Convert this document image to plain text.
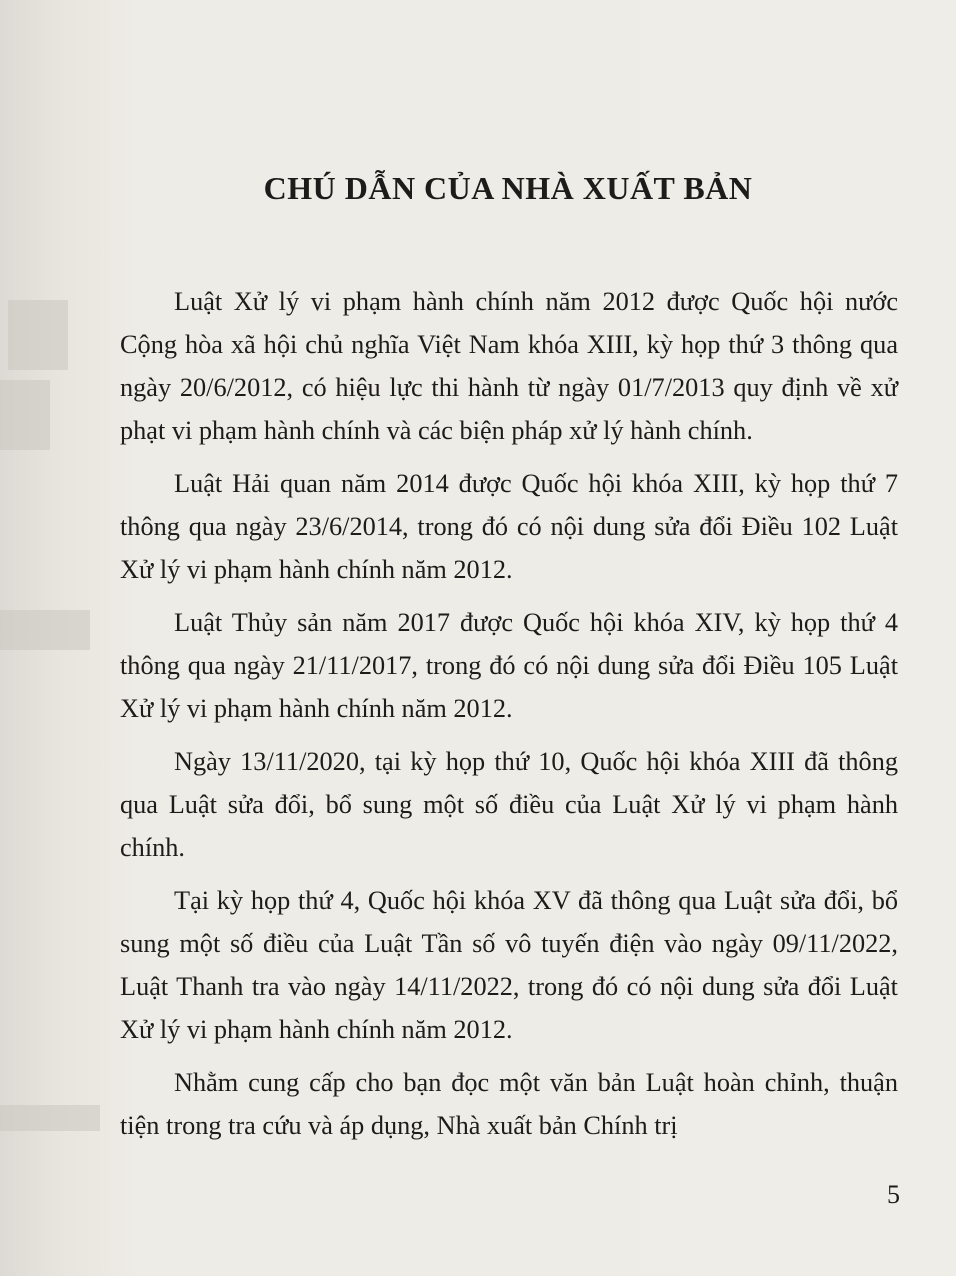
CHÚ DẪN CỦA NHÀ XUẤT BẢN

Luật Xử lý vi phạm hành chính năm 2012 được Quốc hội nước Cộng hòa xã hội chủ nghĩa Việt Nam khóa XIII, kỳ họp thứ 3 thông qua ngày 20/6/2012, có hiệu lực thi hành từ ngày 01/7/2013 quy định về xử phạt vi phạm hành chính và các biện pháp xử lý hành chính.

Luật Hải quan năm 2014 được Quốc hội khóa XIII, kỳ họp thứ 7 thông qua ngày 23/6/2014, trong đó có nội dung sửa đổi Điều 102 Luật Xử lý vi phạm hành chính năm 2012.

Luật Thủy sản năm 2017 được Quốc hội khóa XIV, kỳ họp thứ 4 thông qua ngày 21/11/2017, trong đó có nội dung sửa đổi Điều 105 Luật Xử lý vi phạm hành chính năm 2012.

Ngày 13/11/2020, tại kỳ họp thứ 10, Quốc hội khóa XIII đã thông qua Luật sửa đổi, bổ sung một số điều của Luật Xử lý vi phạm hành chính.

Tại kỳ họp thứ 4, Quốc hội khóa XV đã thông qua Luật sửa đổi, bổ sung một số điều của Luật Tần số vô tuyến điện vào ngày 09/11/2022, Luật Thanh tra vào ngày 14/11/2022, trong đó có nội dung sửa đổi Luật Xử lý vi phạm hành chính năm 2012.

Nhằm cung cấp cho bạn đọc một văn bản Luật hoàn chỉnh, thuận tiện trong tra cứu và áp dụng, Nhà xuất bản Chính trị

5
